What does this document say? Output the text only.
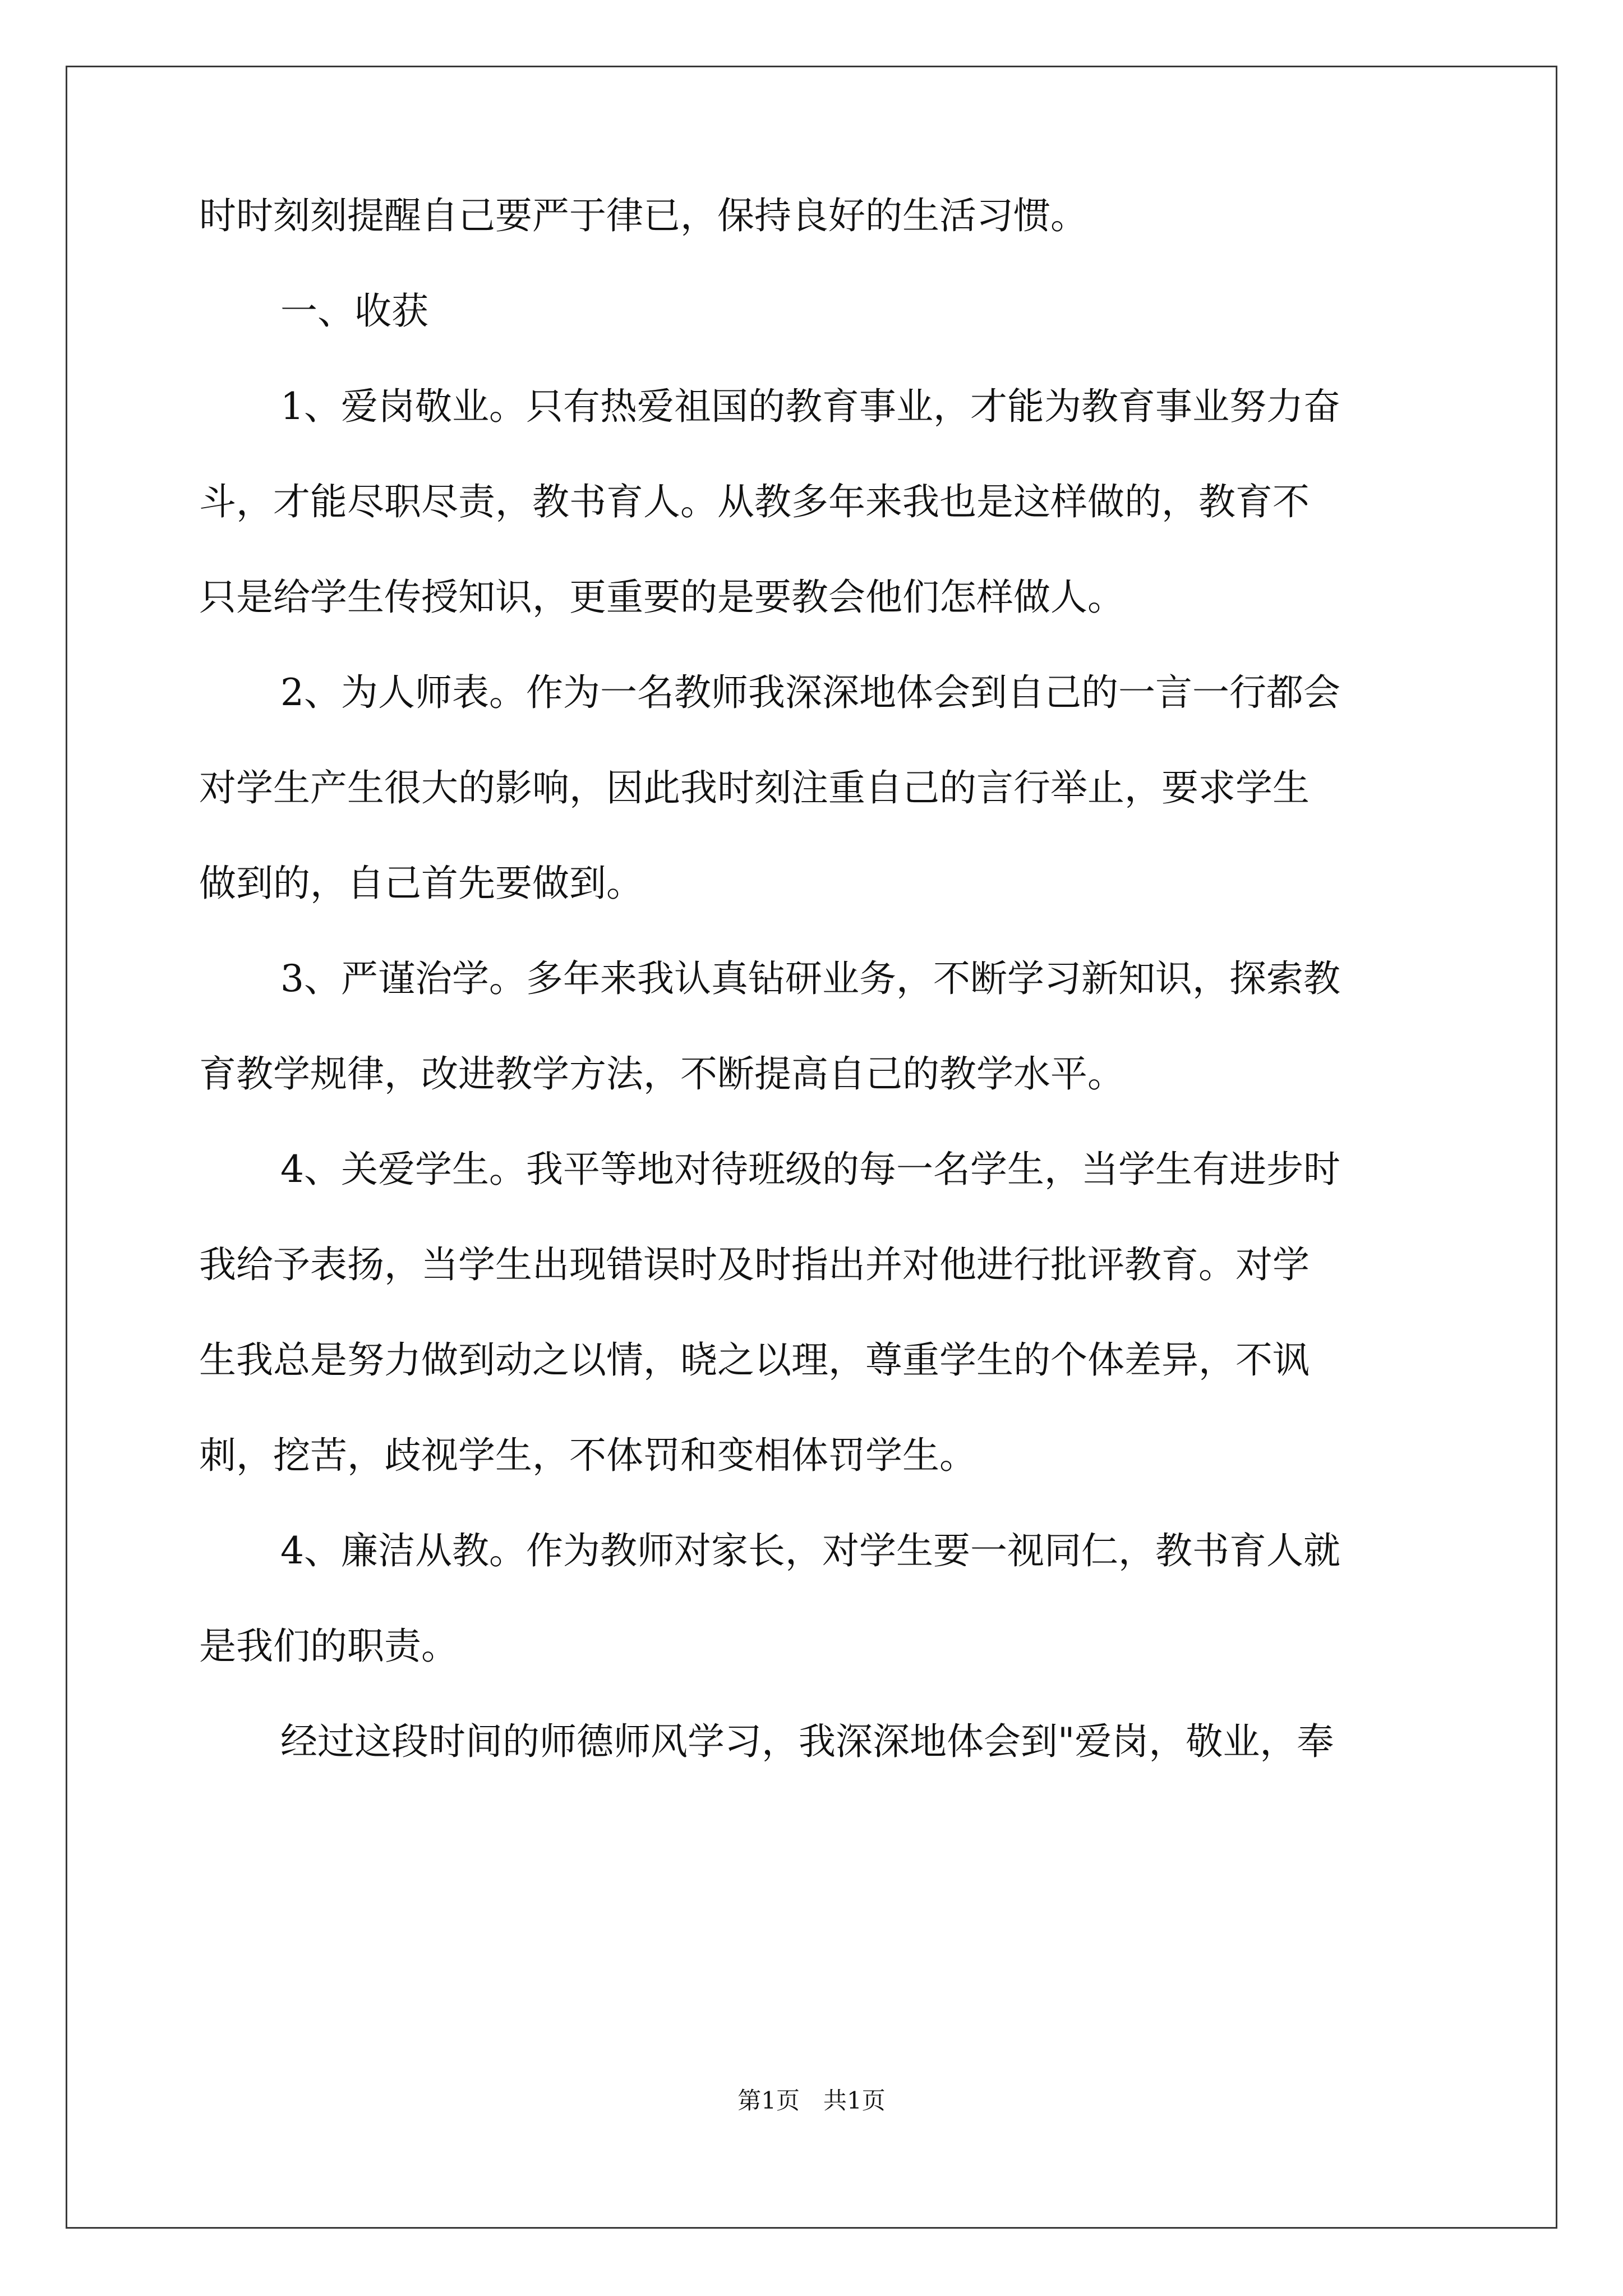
时时刻刻提醒自己要严于律已，保持良好的生活习惯。
一、收获
1、爱岗敬业。只有热爱祖国的教育事业，才能为教育事业努力奋
斗，才能尽职尽责，教书育人。从教多年来我也是这样做的，教育不
只是给学生传授知识，更重要的是要教会他们怎样做人。
2、为人师表。作为一名教师我深深地体会到自己的一言一行都会
对学生产生很大的影响，因此我时刻注重自己的言行举止，要求学生
做到的，自己首先要做到。
3、严谨治学。多年来我认真钻研业务，不断学习新知识，探索教
育教学规律，改进教学方法，不断提高自己的教学水平。
4、关爱学生。我平等地对待班级的每一名学生，当学生有进步时
我给予表扬，当学生出现错误时及时指出并对他进行批评教育。对学
生我总是努力做到动之以情，晓之以理，尊重学生的个体差异，不讽
刺，挖苦，歧视学生，不体罚和变相体罚学生。
4、廉洁从教。作为教师对家长，对学生要一视同仁，教书育人就
是我们的职责。
经过这段时间的师德师风学习，我深深地体会到"爱岗，敬业，奉
第1页　共1页
